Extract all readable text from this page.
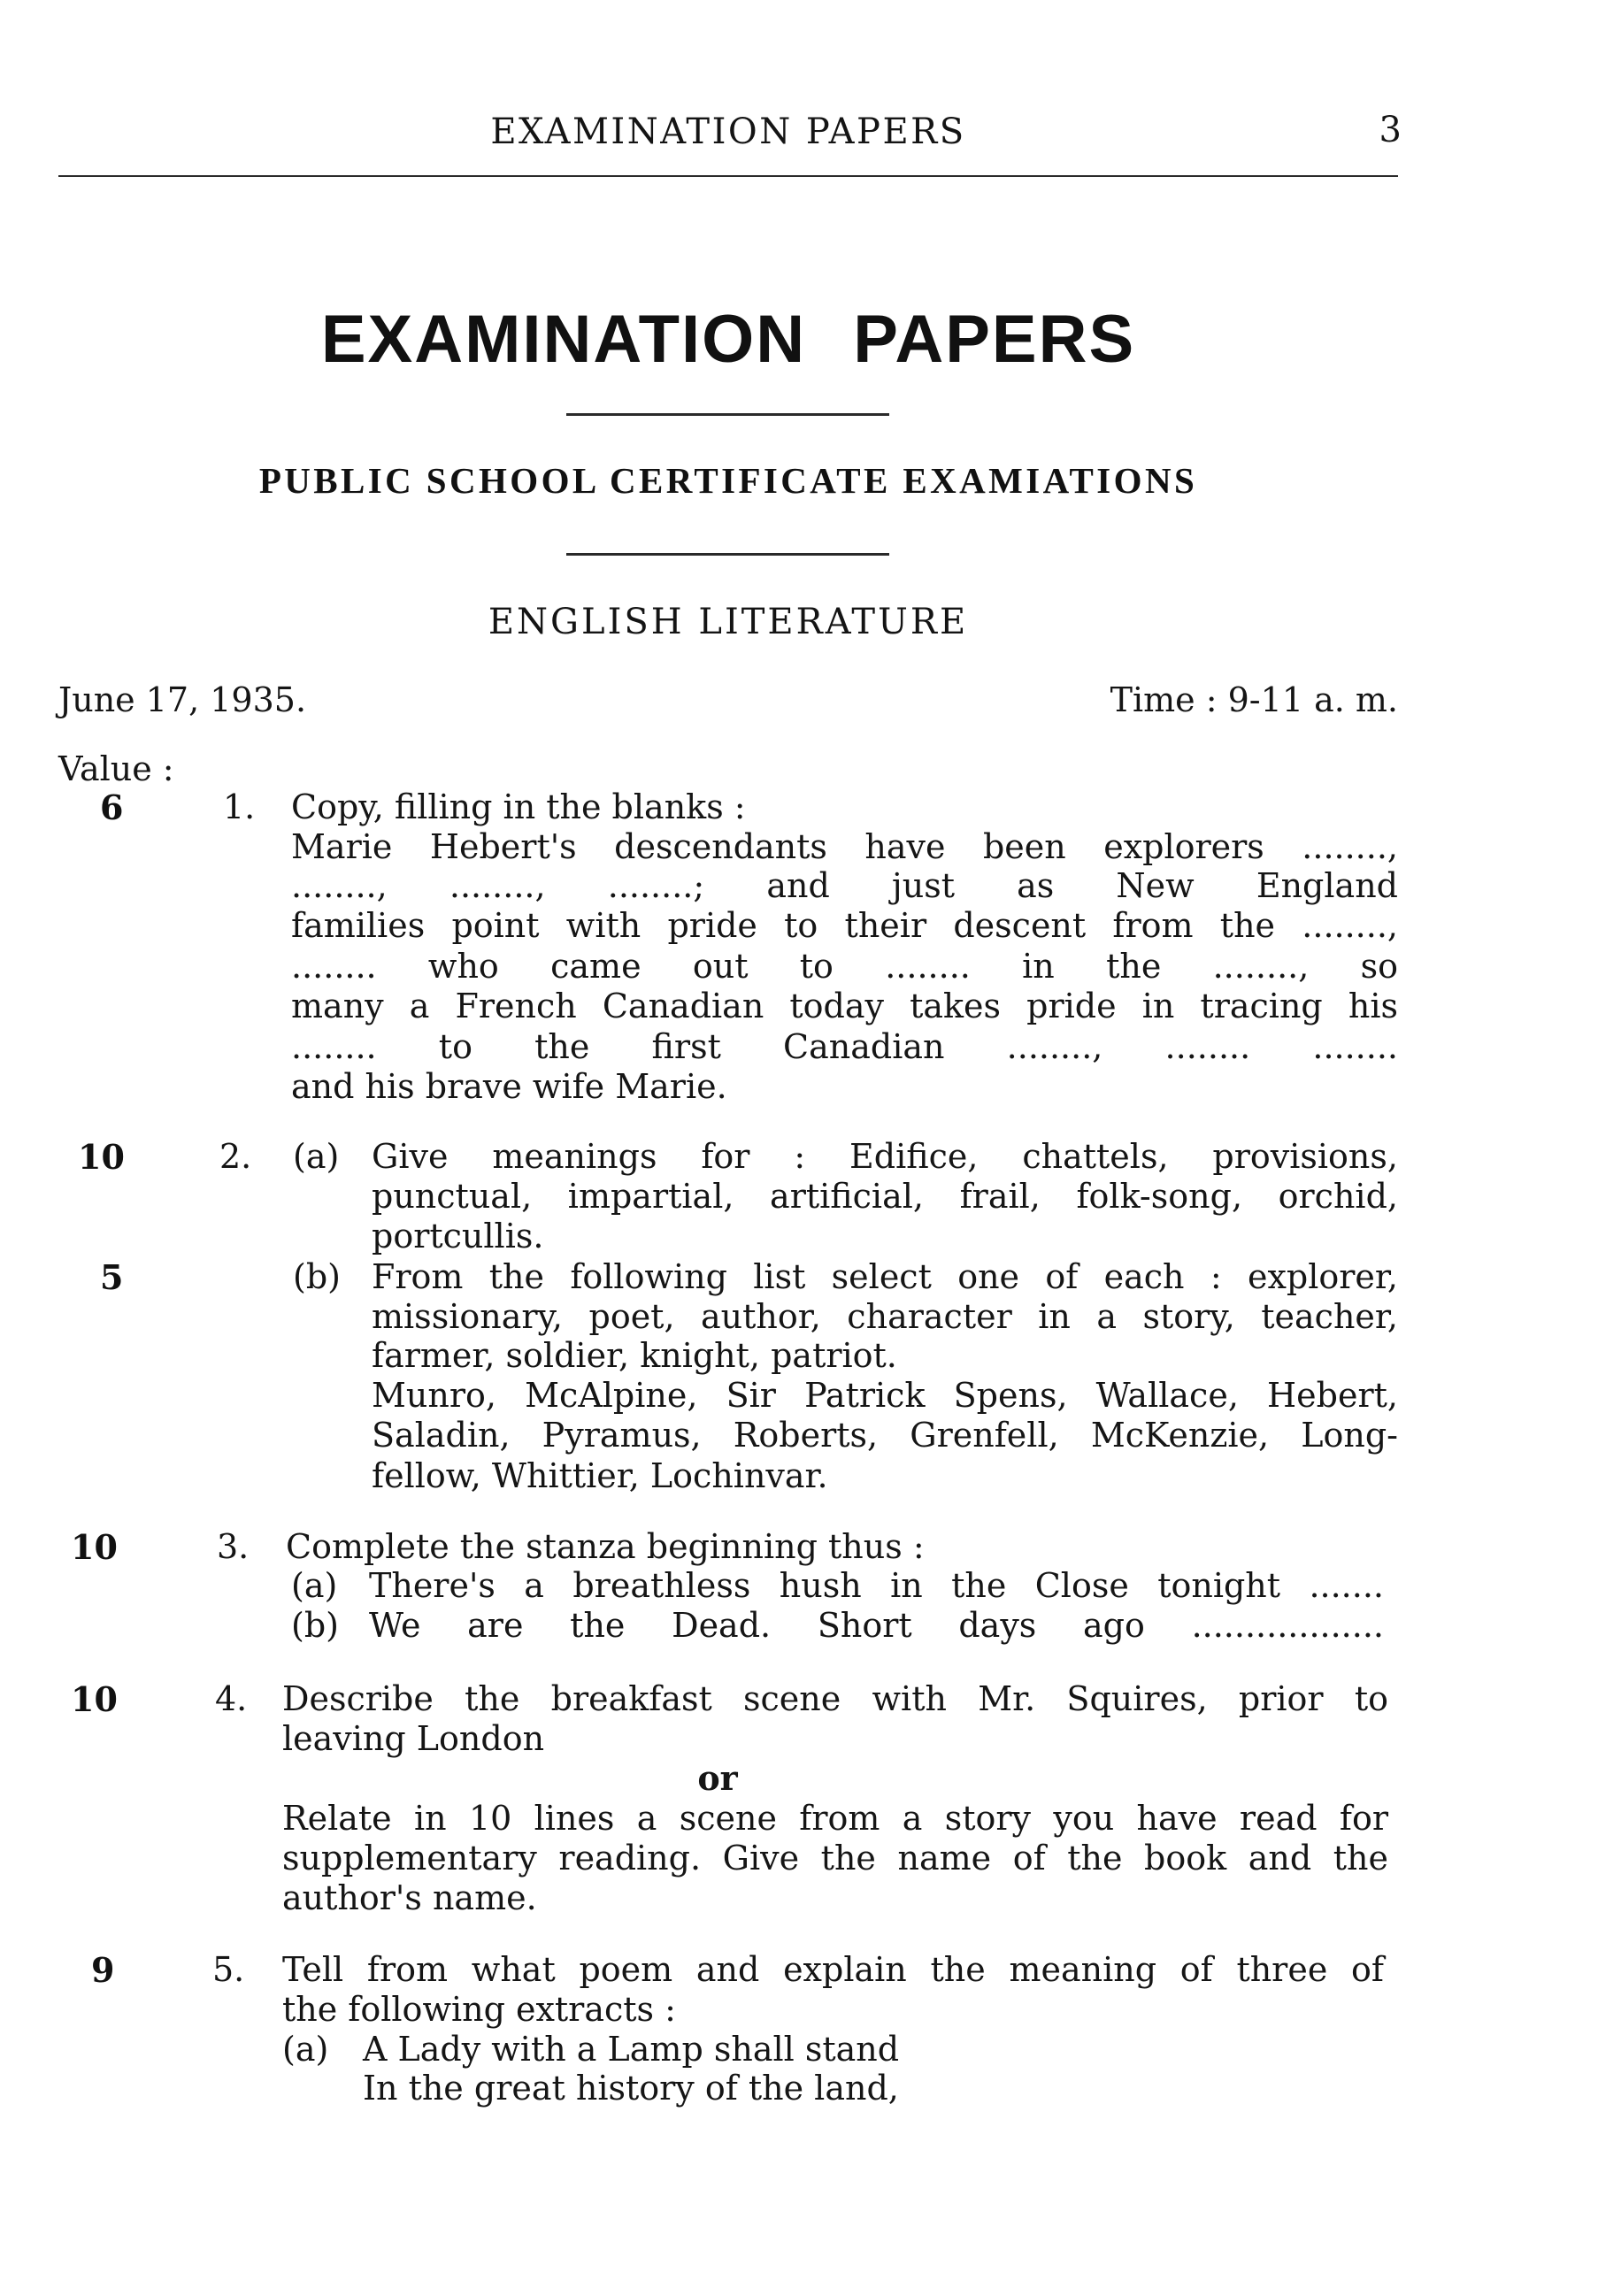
EXAMINATION PAPERS	3
EXAMINATION PAPERS
PUBLIC SCHOOL CERTIFICATE EXAMIATIONS
ENGLISH LITERATURE
June 17, 1935.	Time : 9-11 a. m.
Value :
6	1. Copy, filling in the blanks :
Marie Hebert's descendants have been explorers ........,
........, ........, ........; and just as New England
families point with pride to their descent from the ........,
........ who came out to ........ in the ........, so
many a French Canadian today takes pride in tracing his
........ to the first Canadian ........, ........ ........
and his brave wife Marie.
10	2. (a) Give meanings for : Edifice, chattels, provisions,
punctual, impartial, artificial, frail, folk-song, orchid,
portcullis.
5	(b) From the following list select one of each : explorer,
missionary, poet, author, character in a story, teacher,
farmer, soldier, knight, patriot.
Munro, McAlpine, Sir Patrick Spens, Wallace, Hebert,
Saladin, Pyramus, Roberts, Grenfell, McKenzie, Long-
fellow, Whittier, Lochinvar.
10	3. Complete the stanza beginning thus :
(a) There's a breathless hush in the Close tonight .......
(b) We are the Dead. Short days ago ..................
10	4. Describe the breakfast scene with Mr. Squires, prior to
leaving London
or
Relate in 10 lines a scene from a story you have read for
supplementary reading. Give the name of the book and the
author's name.
9	5. Tell from what poem and explain the meaning of three of
the following extracts :
(a) A Lady with a Lamp shall stand
In the great history of the land,
